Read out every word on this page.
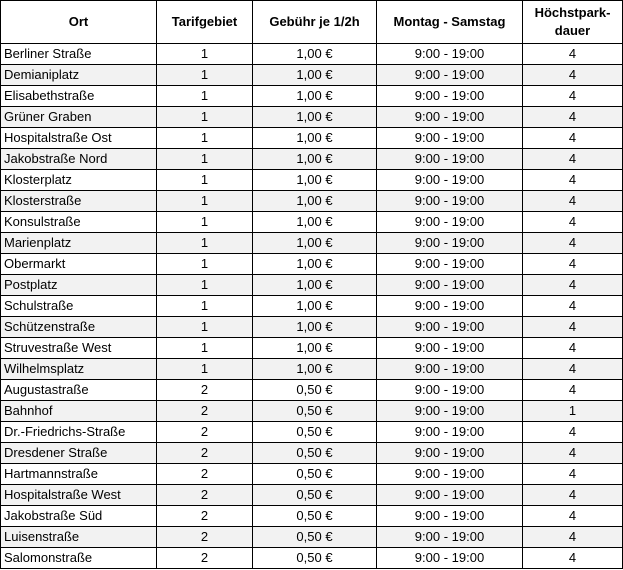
Ort	Tarifgebiet	Gebühr je 1/2h	Montag - Samstag	Höchstpark-
dauer
Berliner Straße	1	1,00 €	9:00 - 19:00	4
Demianiplatz	1	1,00 €	9:00 - 19:00	4
Elisabethstraße	1	1,00 €	9:00 - 19:00	4
Grüner Graben	1	1,00 €	9:00 - 19:00	4
Hospitalstraße Ost	1	1,00 €	9:00 - 19:00	4
Jakobstraße Nord	1	1,00 €	9:00 - 19:00	4
Klosterplatz	1	1,00 €	9:00 - 19:00	4
Klosterstraße	1	1,00 €	9:00 - 19:00	4
Konsulstraße	1	1,00 €	9:00 - 19:00	4
Marienplatz	1	1,00 €	9:00 - 19:00	4
Obermarkt	1	1,00 €	9:00 - 19:00	4
Postplatz	1	1,00 €	9:00 - 19:00	4
Schulstraße	1	1,00 €	9:00 - 19:00	4
Schützenstraße	1	1,00 €	9:00 - 19:00	4
Struvestraße West	1	1,00 €	9:00 - 19:00	4
Wilhelmsplatz	1	1,00 €	9:00 - 19:00	4
Augustastraße	2	0,50 €	9:00 - 19:00	4
Bahnhof	2	0,50 €	9:00 - 19:00	1
Dr.-Friedrichs-Straße	2	0,50 €	9:00 - 19:00	4
Dresdener Straße	2	0,50 €	9:00 - 19:00	4
Hartmannstraße	2	0,50 €	9:00 - 19:00	4
Hospitalstraße West	2	0,50 €	9:00 - 19:00	4
Jakobstraße Süd	2	0,50 €	9:00 - 19:00	4
Luisenstraße	2	0,50 €	9:00 - 19:00	4
Salomonstraße	2	0,50 €	9:00 - 19:00	4
